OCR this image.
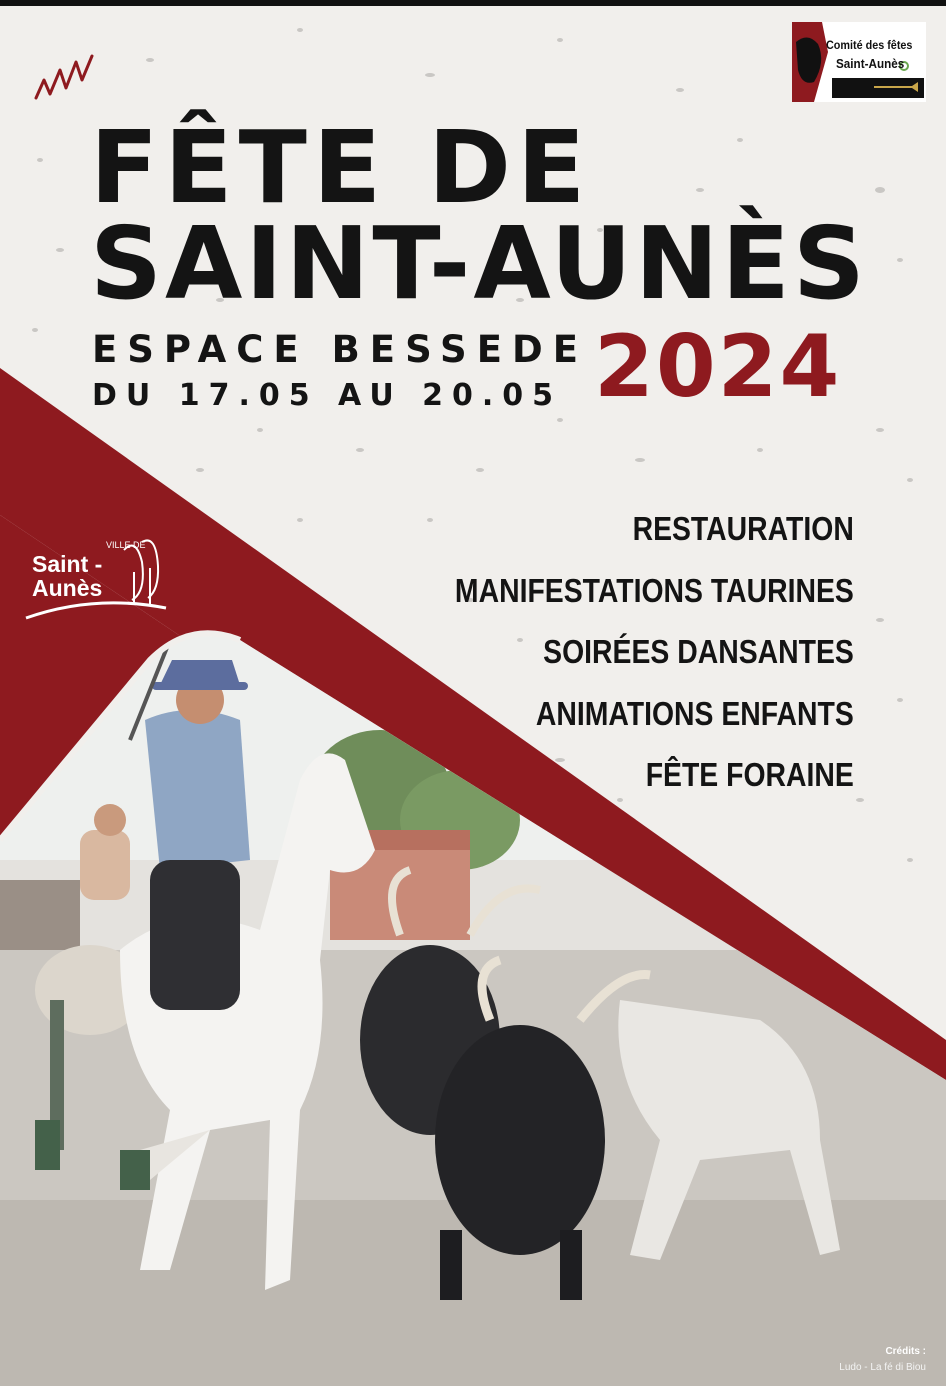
FÊTE DE
SAINT-AUNÈS
ESPACE BESSEDE
DU 17.05 AU 20.05 2024
RESTAURATION
MANIFESTATIONS TAURINES
SOIRÉES DANSANTES
ANIMATIONS ENFANTS
FÊTE FORAINE
VILLE DE
Saint -
Aunès
Comité des fêtes
Saint-Aunès
Crédits :
Ludo - La fé di Biou
